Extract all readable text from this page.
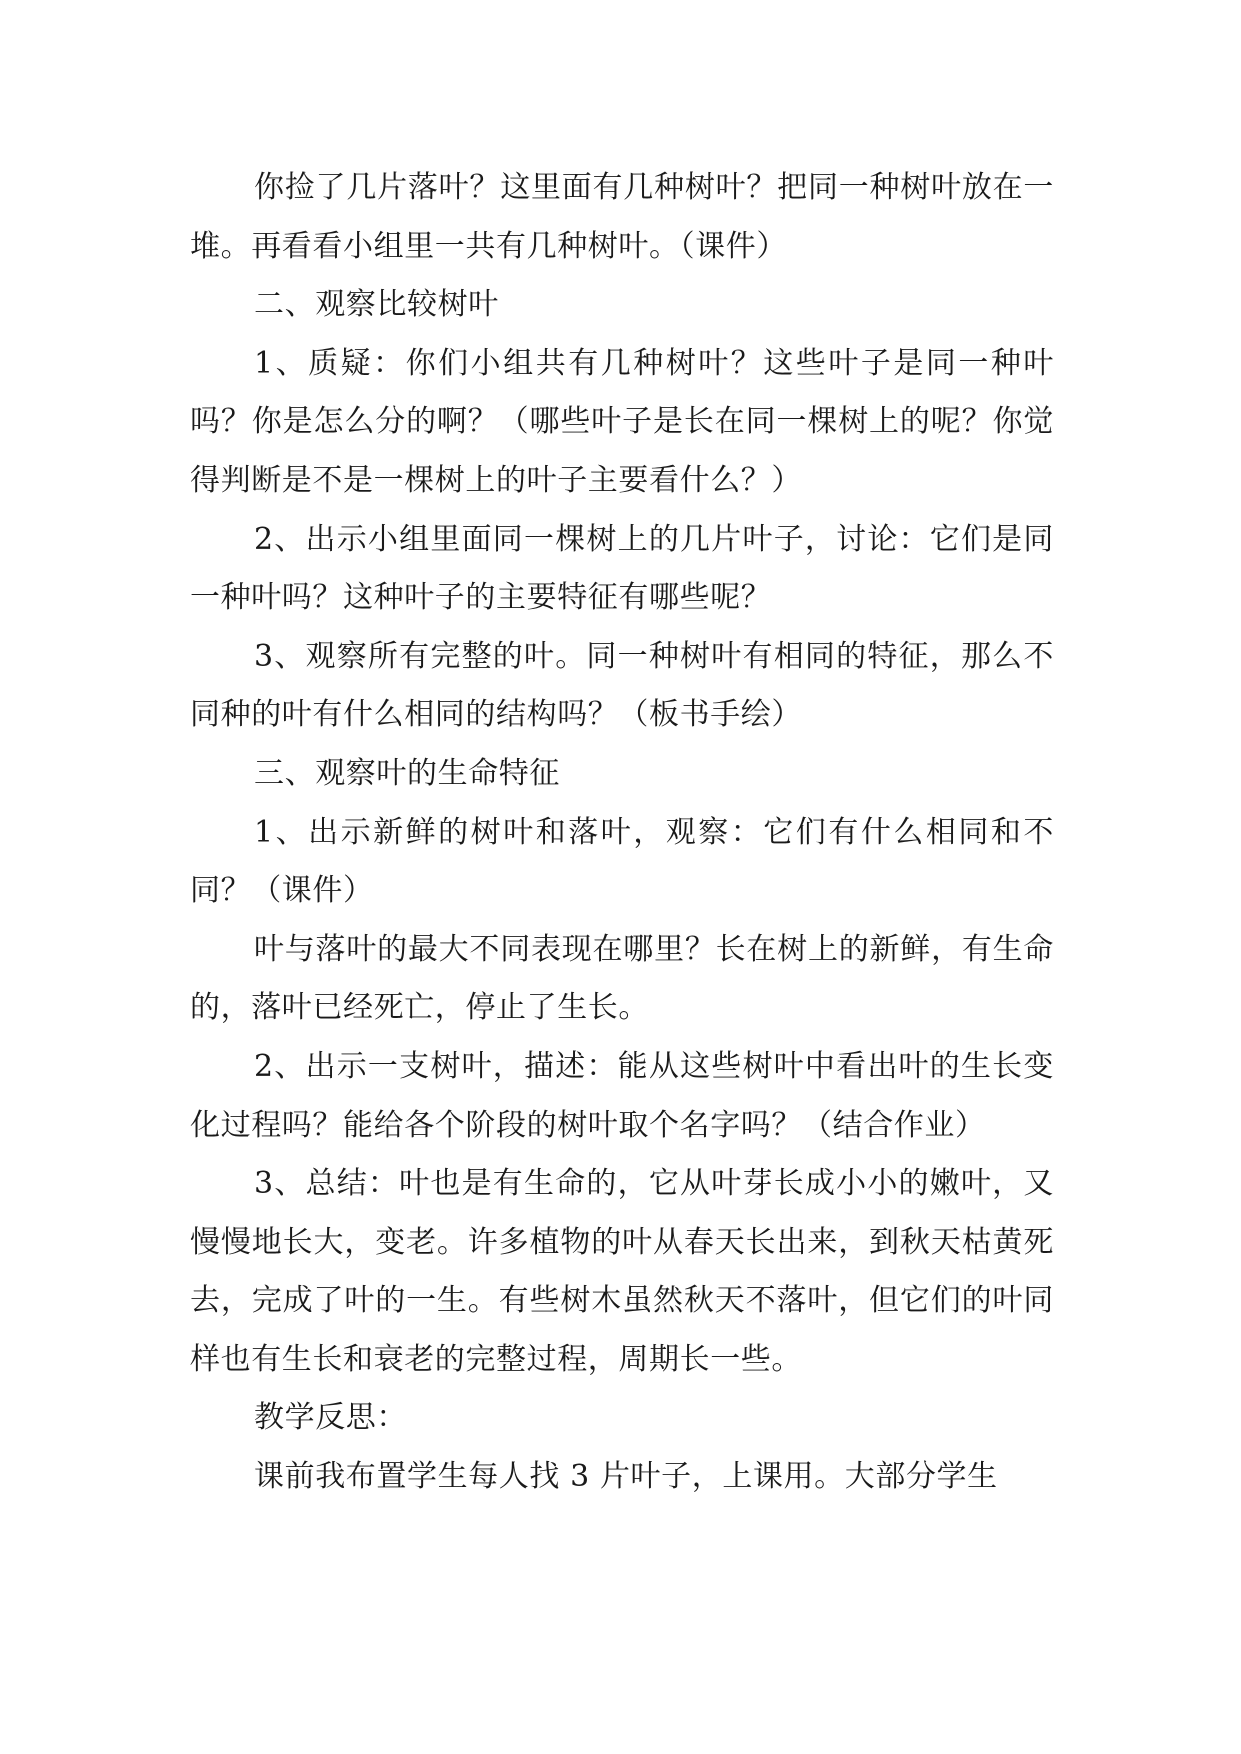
你捡了几片落叶？这里面有几种树叶？把同一种树叶放在一堆。再看看小组里一共有几种树叶。（课件）

二、观察比较树叶

1、质疑：你们小组共有几种树叶？这些叶子是同一种叶吗？你是怎么分的啊？（哪些叶子是长在同一棵树上的呢？你觉得判断是不是一棵树上的叶子主要看什么？）

2、出示小组里面同一棵树上的几片叶子，讨论：它们是同一种叶吗？这种叶子的主要特征有哪些呢？

3、观察所有完整的叶。同一种树叶有相同的特征，那么不同种的叶有什么相同的结构吗？（板书手绘）

三、观察叶的生命特征

1、出示新鲜的树叶和落叶，观察：它们有什么相同和不同？（课件）

叶与落叶的最大不同表现在哪里？长在树上的新鲜，有生命的，落叶已经死亡，停止了生长。

2、出示一支树叶，描述：能从这些树叶中看出叶的生长变化过程吗？能给各个阶段的树叶取个名字吗？（结合作业）

3、总结：叶也是有生命的，它从叶芽长成小小的嫩叶，又慢慢地长大，变老。许多植物的叶从春天长出来，到秋天枯黄死去，完成了叶的一生。有些树木虽然秋天不落叶，但它们的叶同样也有生长和衰老的完整过程，周期长一些。

教学反思：

课前我布置学生每人找 3 片叶子，上课用。大部分学生
